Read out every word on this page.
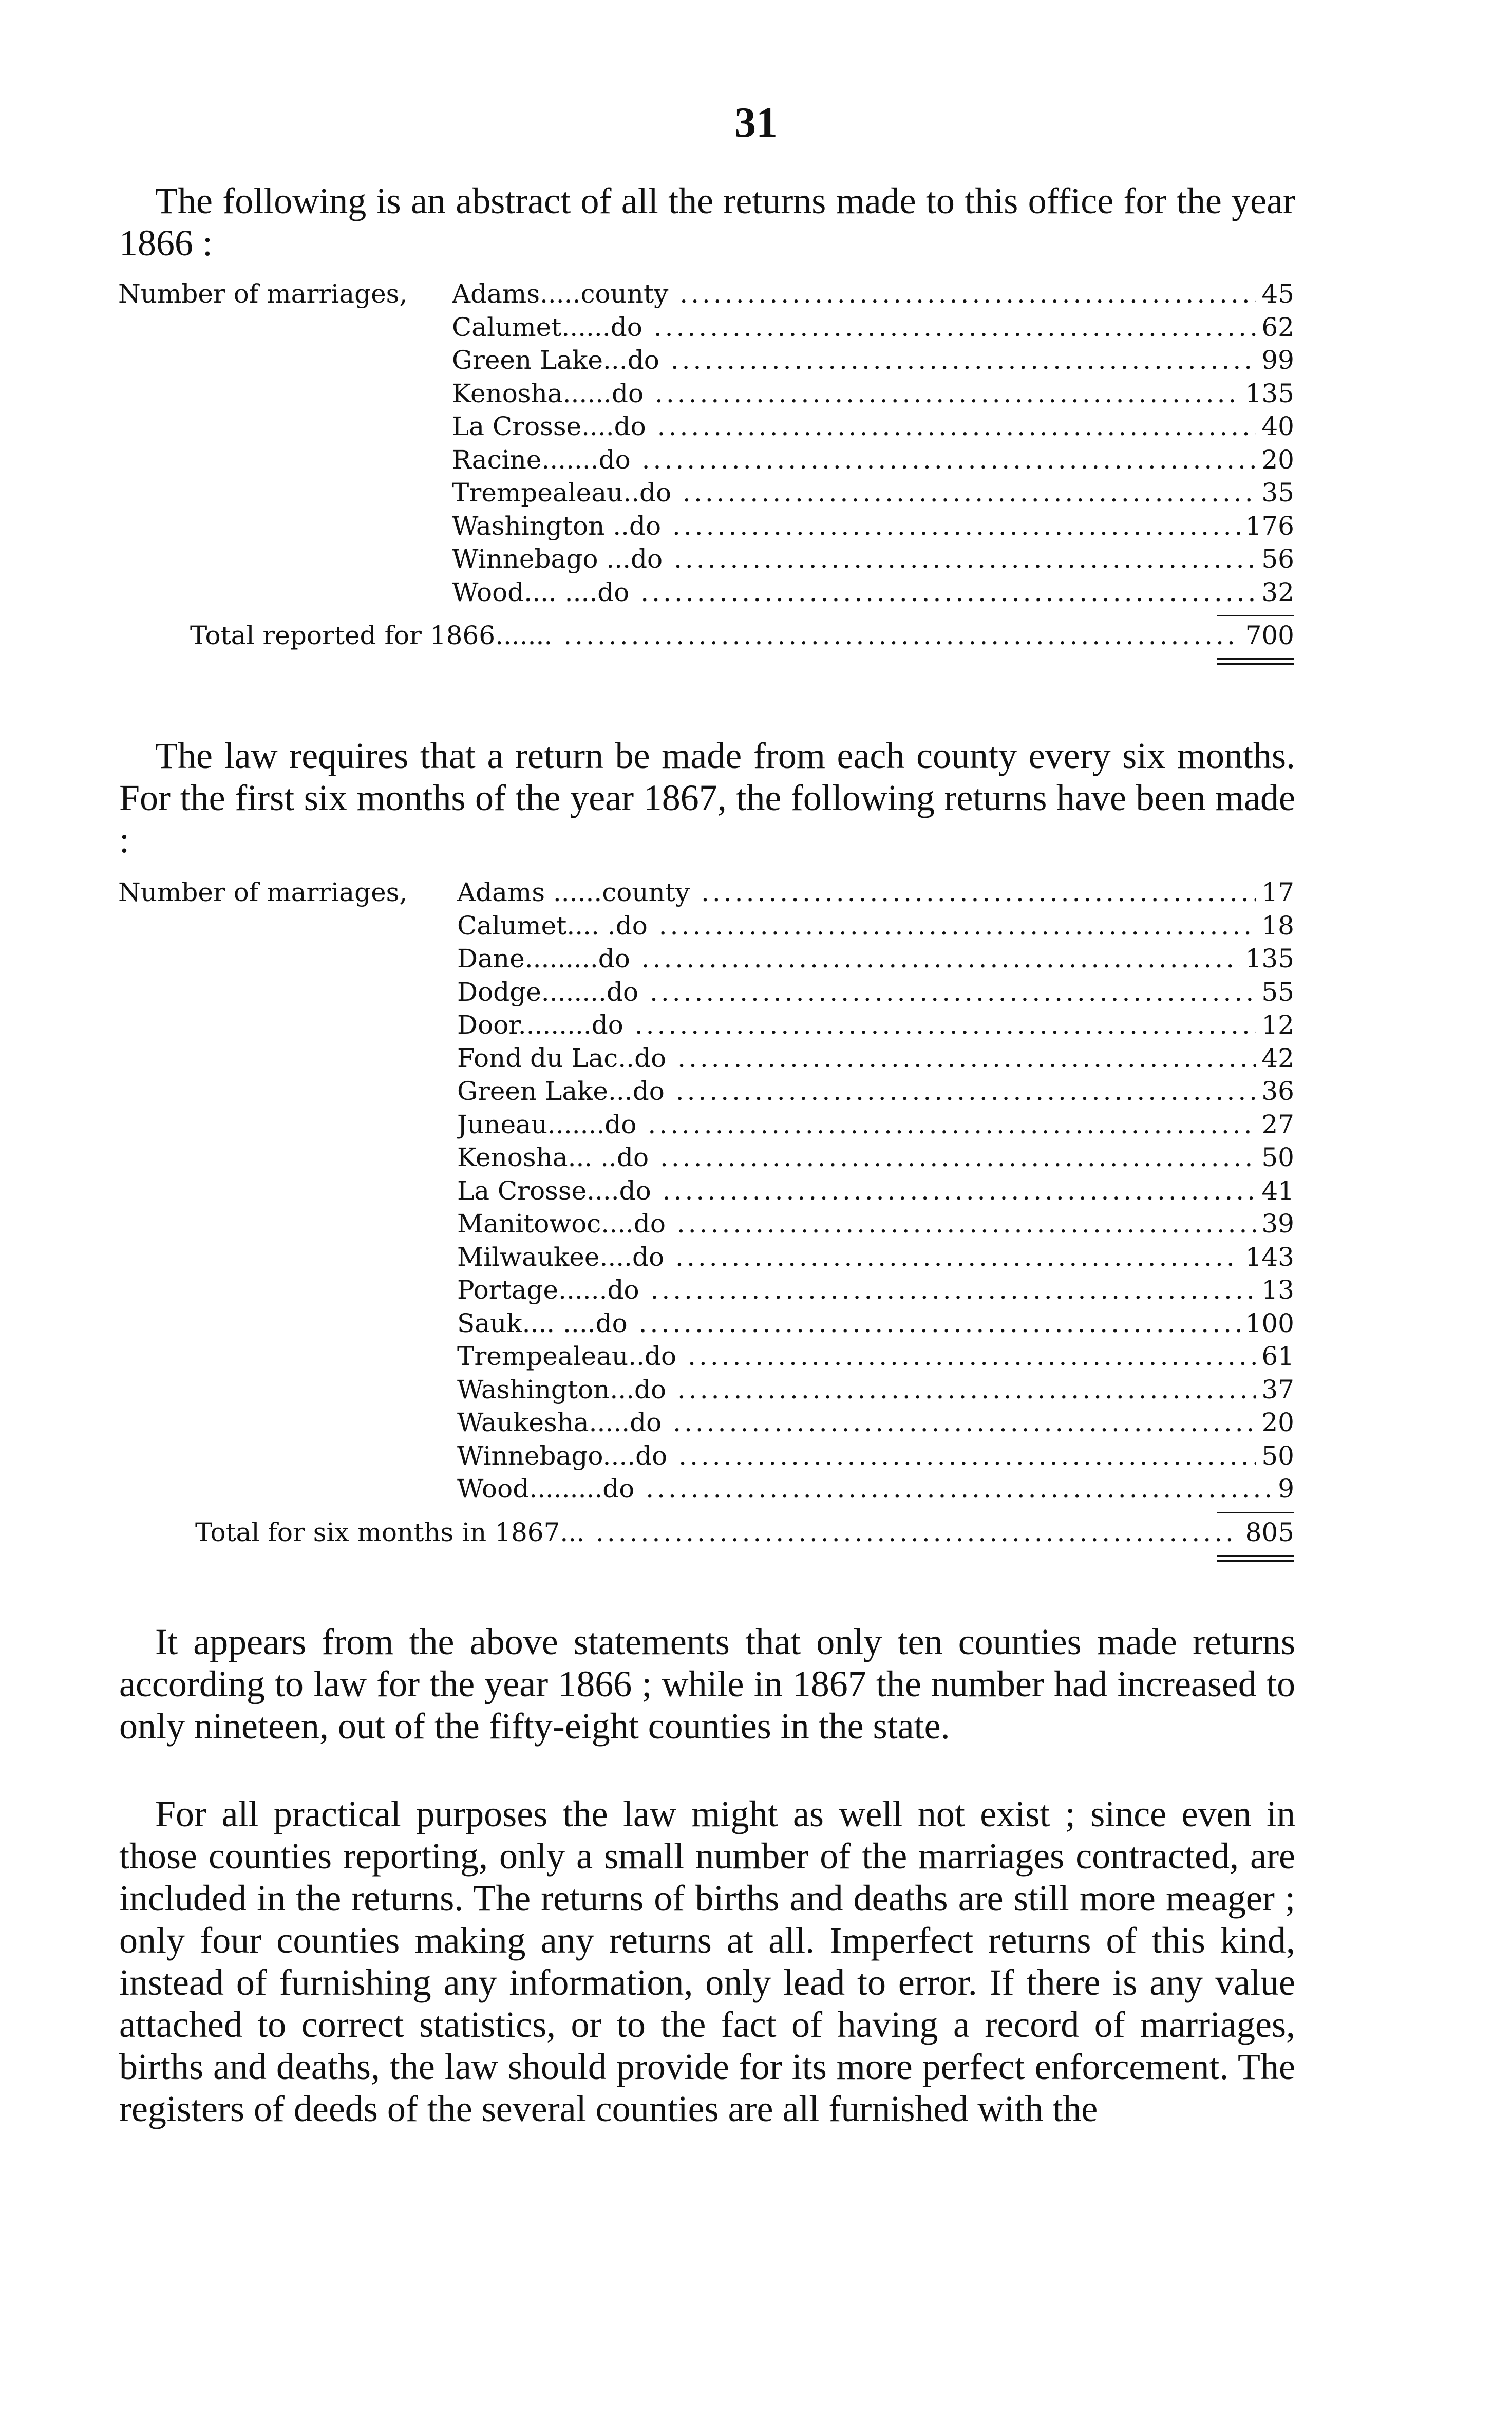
31

The following is an abstract of all the returns made to this office for the year 1866 :

Number of marriages, Adams.....county .....	45
Calumet......do .....	62
Green Lake...do .....	99
Kenosha......do .....	135
La Crosse....do .....	40
Racine.......do .....	20
Trempealeau..do .....	35
Washington ..do .....	176
Winnebago ...do .....	56
Wood.... ....do .....	32
Total reported for 1866....... .....	700
The law requires that a return be made from each county every six months. For the first six months of the year 1867, the following returns have been made :
Number of marriages, Adams ......county .....	17
Calumet.... .do .....	18
Dane.........do .....	135
Dodge........do .....	55
Door.........do .....	12
Fond du Lac..do .....	42
Green Lake...do .....	36
Juneau.......do .....	27
Kenosha... ..do .....	50
La Crosse....do .....	41
Manitowoc....do .....	39
Milwaukee....do .....	143
Portage......do .....	13
Sauk.... ....do .....	100
Trempealeau..do .....	61
Washington...do .....	37
Waukesha.....do .....	20
Winnebago....do .....	50
Wood.........do .....	9
Total for six months in 1867... .....	805

It appears from the above statements that only ten counties made returns according to law for the year 1866 ; while in 1867 the number had increased to only nineteen, out of the fifty-eight counties in the state.

For all practical purposes the law might as well not exist ; since even in those counties reporting, only a small number of the marriages contracted, are included in the returns. The returns of births and deaths are still more meager ; only four counties making any returns at all. Imperfect returns of this kind, instead of furnishing any information, only lead to error. If there is any value attached to correct statistics, or to the fact of having a record of marriages, births and deaths, the law should provide for its more perfect enforcement. The registers of deeds of the several counties are all furnished with the
